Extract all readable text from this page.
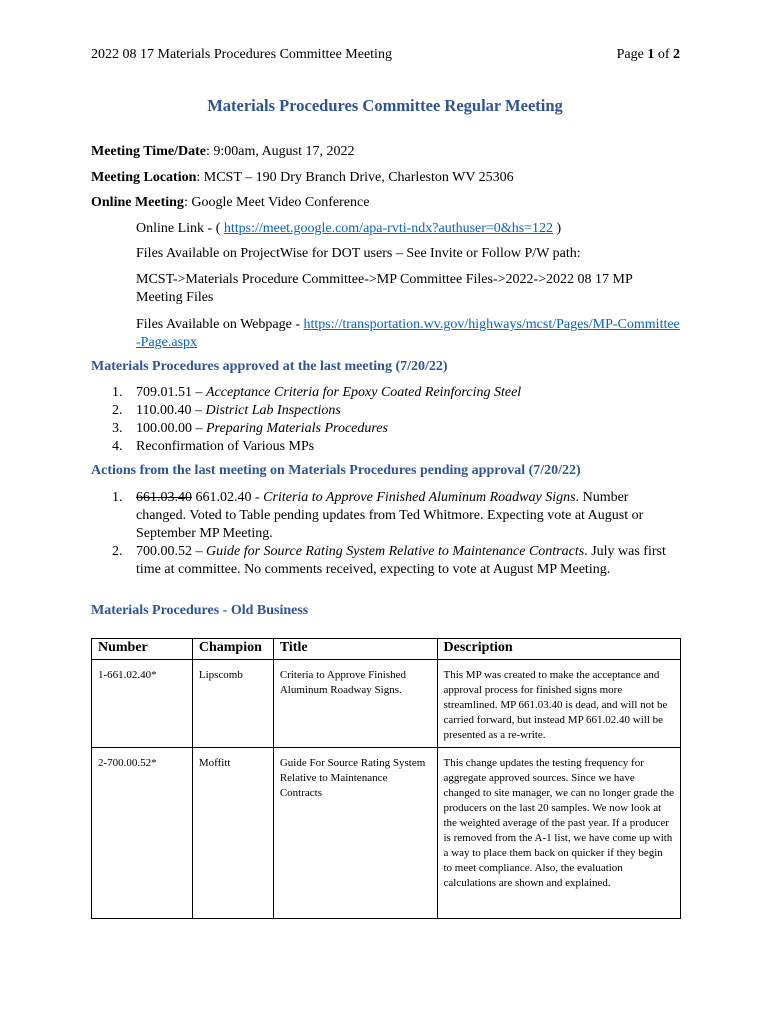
2022 08 17 Materials Procedures Committee Meeting	Page 1 of 2
Materials Procedures Committee Regular Meeting
Meeting Time/Date: 9:00am, August 17, 2022
Meeting Location: MCST – 190 Dry Branch Drive, Charleston WV 25306
Online Meeting: Google Meet Video Conference
Online Link - ( https://meet.google.com/apa-rvti-ndx?authuser=0&hs=122 )
Files Available on ProjectWise for DOT users – See Invite or Follow P/W path:
MCST->Materials Procedure Committee->MP Committee Files->2022->2022 08 17 MP Meeting Files
Files Available on Webpage - https://transportation.wv.gov/highways/mcst/Pages/MP-Committee-Page.aspx
Materials Procedures approved at the last meeting (7/20/22)
1. 709.01.51 – Acceptance Criteria for Epoxy Coated Reinforcing Steel
2. 110.00.40 – District Lab Inspections
3. 100.00.00 – Preparing Materials Procedures
4. Reconfirmation of Various MPs
Actions from the last meeting on Materials Procedures pending approval (7/20/22)
1. 661.03.40 661.02.40 - Criteria to Approve Finished Aluminum Roadway Signs. Number changed. Voted to Table pending updates from Ted Whitmore. Expecting vote at August or September MP Meeting.
2. 700.00.52 – Guide for Source Rating System Relative to Maintenance Contracts. July was first time at committee. No comments received, expecting to vote at August MP Meeting.
Materials Procedures - Old Business
Number	Champion	Title	Description
1-661.02.40*	Lipscomb	Criteria to Approve Finished Aluminum Roadway Signs.	This MP was created to make the acceptance and approval process for finished signs more streamlined. MP 661.03.40 is dead, and will not be carried forward, but instead MP 661.02.40 will be presented as a re-write.
2-700.00.52*	Moffitt	Guide For Source Rating System Relative to Maintenance Contracts	This change updates the testing frequency for aggregate approved sources. Since we have changed to site manager, we can no longer grade the producers on the last 20 samples. We now look at the weighted average of the past year. If a producer is removed from the A-1 list, we have come up with a way to place them back on quicker if they begin to meet compliance. Also, the evaluation calculations are shown and explained.
